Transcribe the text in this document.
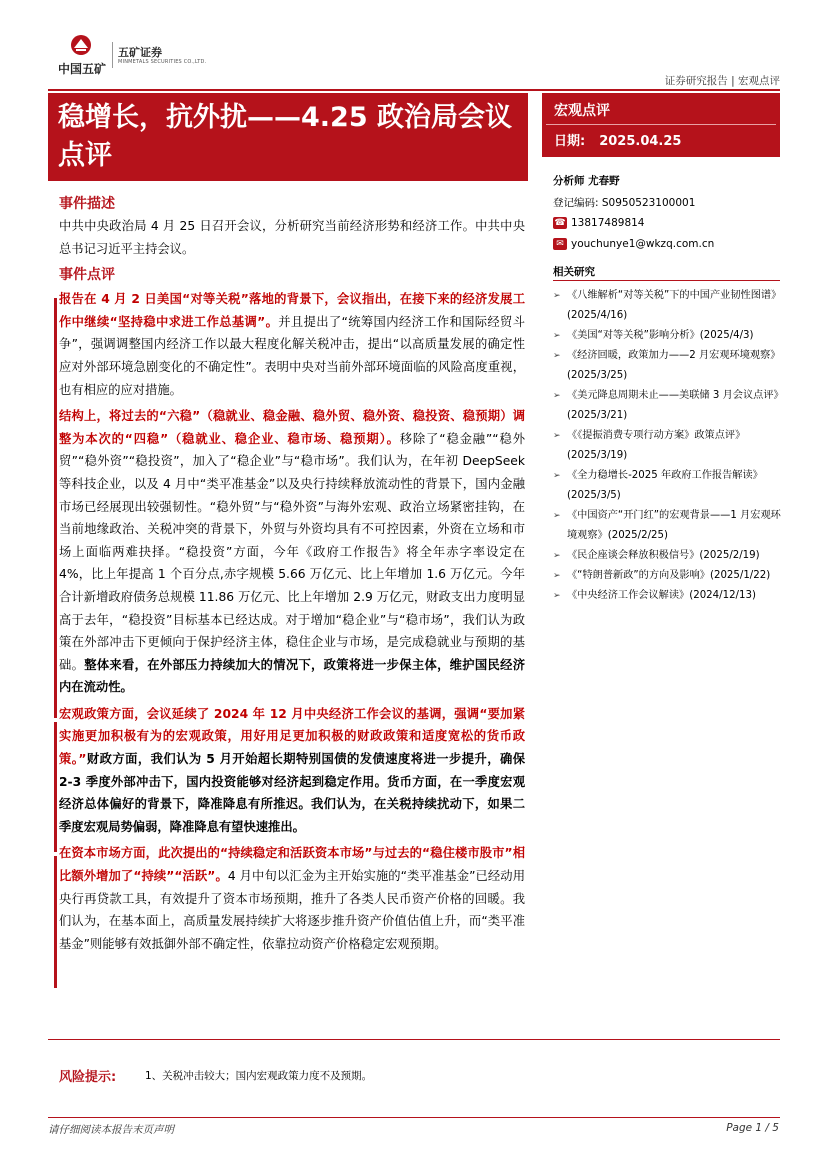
中国五矿
五矿证券
MINMETALS SECURITIES CO.,LTD.
证券研究报告 | 宏观点评
稳增长，抗外扰——4.25 政治局会议点评
宏观点评
日期: 2025.04.25
事件描述

中共中央政治局 4 月 25 日召开会议，分析研究当前经济形势和经济工作。中共中央总书记习近平主持会议。

事件点评

报告在 4 月 2 日美国“对等关税”落地的背景下，会议指出，在接下来的经济发展工作中继续“坚持稳中求进工作总基调”。并且提出了“统筹国内经济工作和国际经贸斗争”，强调调整国内经济工作以最大程度化解关税冲击，提出“以高质量发展的确定性应对外部环境急剧变化的不确定性”。表明中央对当前外部环境面临的风险高度重视，也有相应的应对措施。

结构上，将过去的“六稳”（稳就业、稳金融、稳外贸、稳外资、稳投资、稳预期）调整为本次的“四稳”（稳就业、稳企业、稳市场、稳预期）。移除了“稳金融”“稳外贸”“稳外资”“稳投资”，加入了“稳企业”与“稳市场”。我们认为，在年初 DeepSeek 等科技企业，以及 4 月中“类平准基金”以及央行持续释放流动性的背景下，国内金融市场已经展现出较强韧性。“稳外贸”与“稳外资”与海外宏观、政治立场紧密挂钩，在当前地缘政治、关税冲突的背景下，外贸与外资均具有不可控因素，外资在立场和市场上面临两难抉择。“稳投资”方面，今年《政府工作报告》将全年赤字率设定在 4%，比上年提高 1 个百分点,赤字规模 5.66 万亿元、比上年增加 1.6 万亿元。今年合计新增政府债务总规模 11.86 万亿元、比上年增加 2.9 万亿元，财政支出力度明显高于去年，“稳投资”目标基本已经达成。对于增加“稳企业”与“稳市场”，我们认为政策在外部冲击下更倾向于保护经济主体，稳住企业与市场，是完成稳就业与预期的基础。整体来看，在外部压力持续加大的情况下，政策将进一步保主体，维护国民经济内在流动性。

宏观政策方面，会议延续了 2024 年 12 月中央经济工作会议的基调，强调“要加紧实施更加积极有为的宏观政策，用好用足更加积极的财政政策和适度宽松的货币政策。”财政方面，我们认为 5 月开始超长期特别国债的发债速度将进一步提升，确保 2-3 季度外部冲击下，国内投资能够对经济起到稳定作用。货币方面，在一季度宏观经济总体偏好的背景下，降准降息有所推迟。我们认为，在关税持续扰动下，如果二季度宏观局势偏弱，降准降息有望快速推出。

在资本市场方面，此次提出的“持续稳定和活跃资本市场”与过去的“稳住楼市股市”相比额外增加了“持续”“活跃”。4 月中旬以汇金为主开始实施的“类平准基金”已经动用央行再贷款工具，有效提升了资本市场预期，推升了各类人民币资产价格的回暖。我们认为，在基本面上，高质量发展持续扩大将逐步推升资产价值估值上升，而“类平准基金”则能够有效抵御外部不确定性，依靠拉动资产价格稳定宏观预期。

分析师 尤春野
登记编码: S0950523100001
☎ 13817489814
✉ youchunye1@wkzq.com.cn
相关研究
➢ 《八维解析“对等关税”下的中国产业韧性图谱》(2025/4/16)
➢ 《美国“对等关税”影响分析》(2025/4/3)
➢ 《经济回暖，政策加力——2 月宏观环境观察》(2025/3/25)
➢ 《美元降息周期未止——美联储 3 月会议点评》(2025/3/21)
➢ 《《提振消费专项行动方案》政策点评》(2025/3/19)
➢ 《全力稳增长-2025 年政府工作报告解读》(2025/3/5)
➢ 《中国资产“开门红”的宏观背景——1 月宏观环境观察》(2025/2/25)
➢ 《民企座谈会释放积极信号》(2025/2/19)
➢ 《“特朗普新政”的方向及影响》(2025/1/22)
➢ 《中央经济工作会议解读》(2024/12/13)
风险提示:	1、关税冲击较大；国内宏观政策力度不及预期。
请仔细阅读本报告末页声明	Page 1 / 5
